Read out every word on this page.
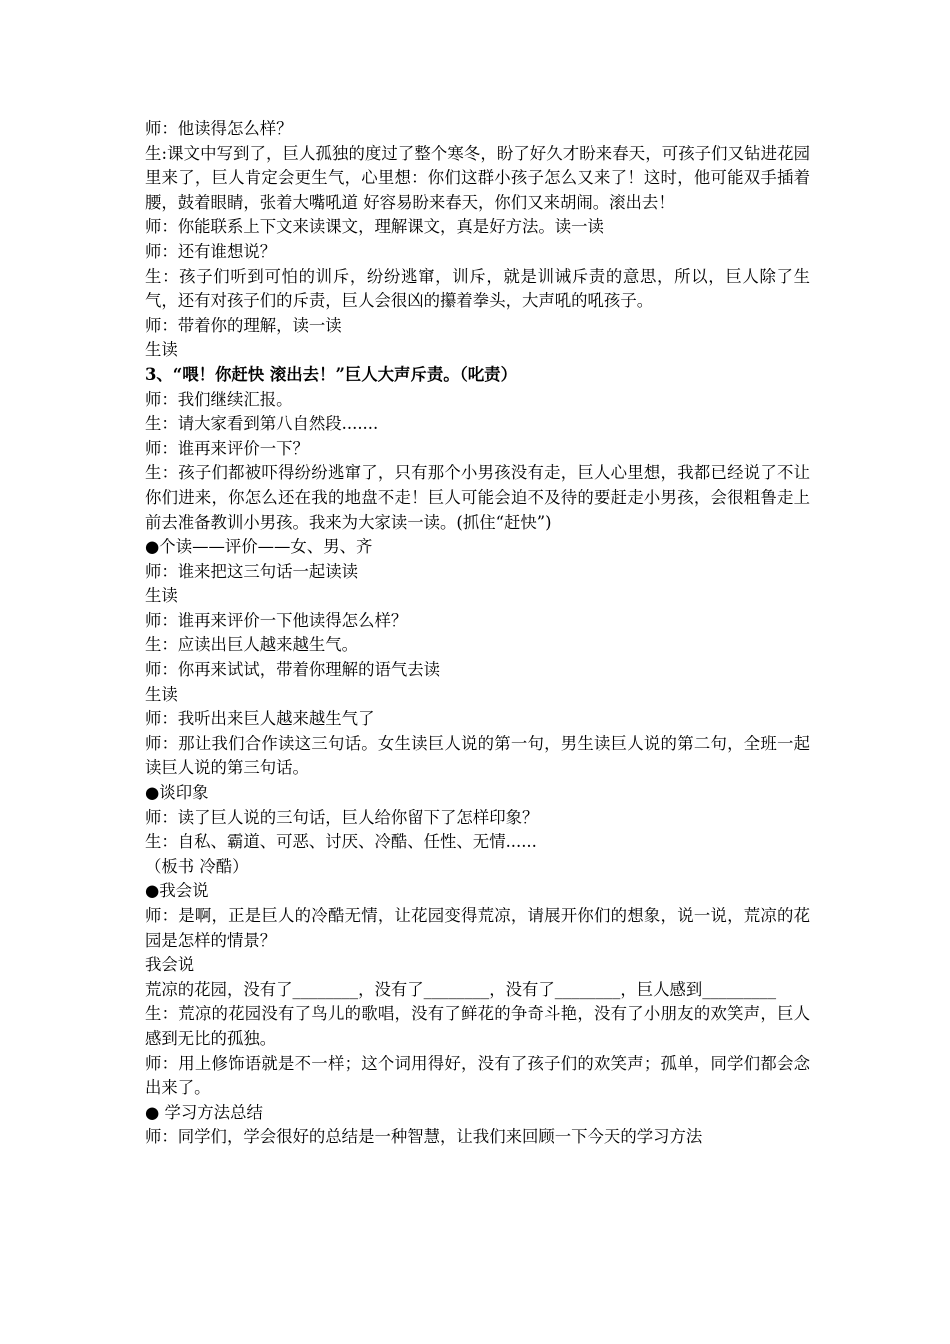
师：他读得怎么样？

生:课文中写到了，巨人孤独的度过了整个寒冬，盼了好久才盼来春天，可孩子们又钻进花园里来了，巨人肯定会更生气，心里想：你们这群小孩子怎么又来了！这时，他可能双手插着腰，鼓着眼睛，张着大嘴吼道 好容易盼来春天，你们又来胡闹。滚出去！

师：你能联系上下文来读课文，理解课文，真是好方法。读一读

师：还有谁想说？

生：孩子们听到可怕的训斥，纷纷逃窜，训斥，就是训诫斥责的意思，所以，巨人除了生气，还有对孩子们的斥责，巨人会很凶的攥着拳头，大声吼的吼孩子。

师：带着你的理解，读一读

生读

3、“喂！你赶快 滚出去！”巨人大声斥责。（叱责）

师：我们继续汇报。

生：请大家看到第八自然段.......

师：谁再来评价一下？

生：孩子们都被吓得纷纷逃窜了，只有那个小男孩没有走，巨人心里想，我都已经说了不让你们进来，你怎么还在我的地盘不走！巨人可能会迫不及待的要赶走小男孩，会很粗鲁走上前去准备教训小男孩。我来为大家读一读。(抓住“赶快”)

●个读——评价——女、男、齐

师：谁来把这三句话一起读读

生读

师：谁再来评价一下他读得怎么样？

生：应读出巨人越来越生气。

师：你再来试试，带着你理解的语气去读

生读

师：我听出来巨人越来越生气了

师：那让我们合作读这三句话。女生读巨人说的第一句，男生读巨人说的第二句，全班一起读巨人说的第三句话。

●谈印象

师：读了巨人说的三句话，巨人给你留下了怎样印象？

生：自私、霸道、可恶、讨厌、冷酷、任性、无情......

（板书 冷酷）

●我会说

师：是啊，正是巨人的冷酷无情，让花园变得荒凉，请展开你们的想象，说一说，荒凉的花园是怎样的情景？

我会说

荒凉的花园，没有了________，没有了________，没有了________，巨人感到_________

生：荒凉的花园没有了鸟儿的歌唱，没有了鲜花的争奇斗艳，没有了小朋友的欢笑声，巨人感到无比的孤独。

师：用上修饰语就是不一样；这个词用得好，没有了孩子们的欢笑声；孤单，同学们都会念出来了。

● 学习方法总结

师：同学们，学会很好的总结是一种智慧，让我们来回顾一下今天的学习方法
